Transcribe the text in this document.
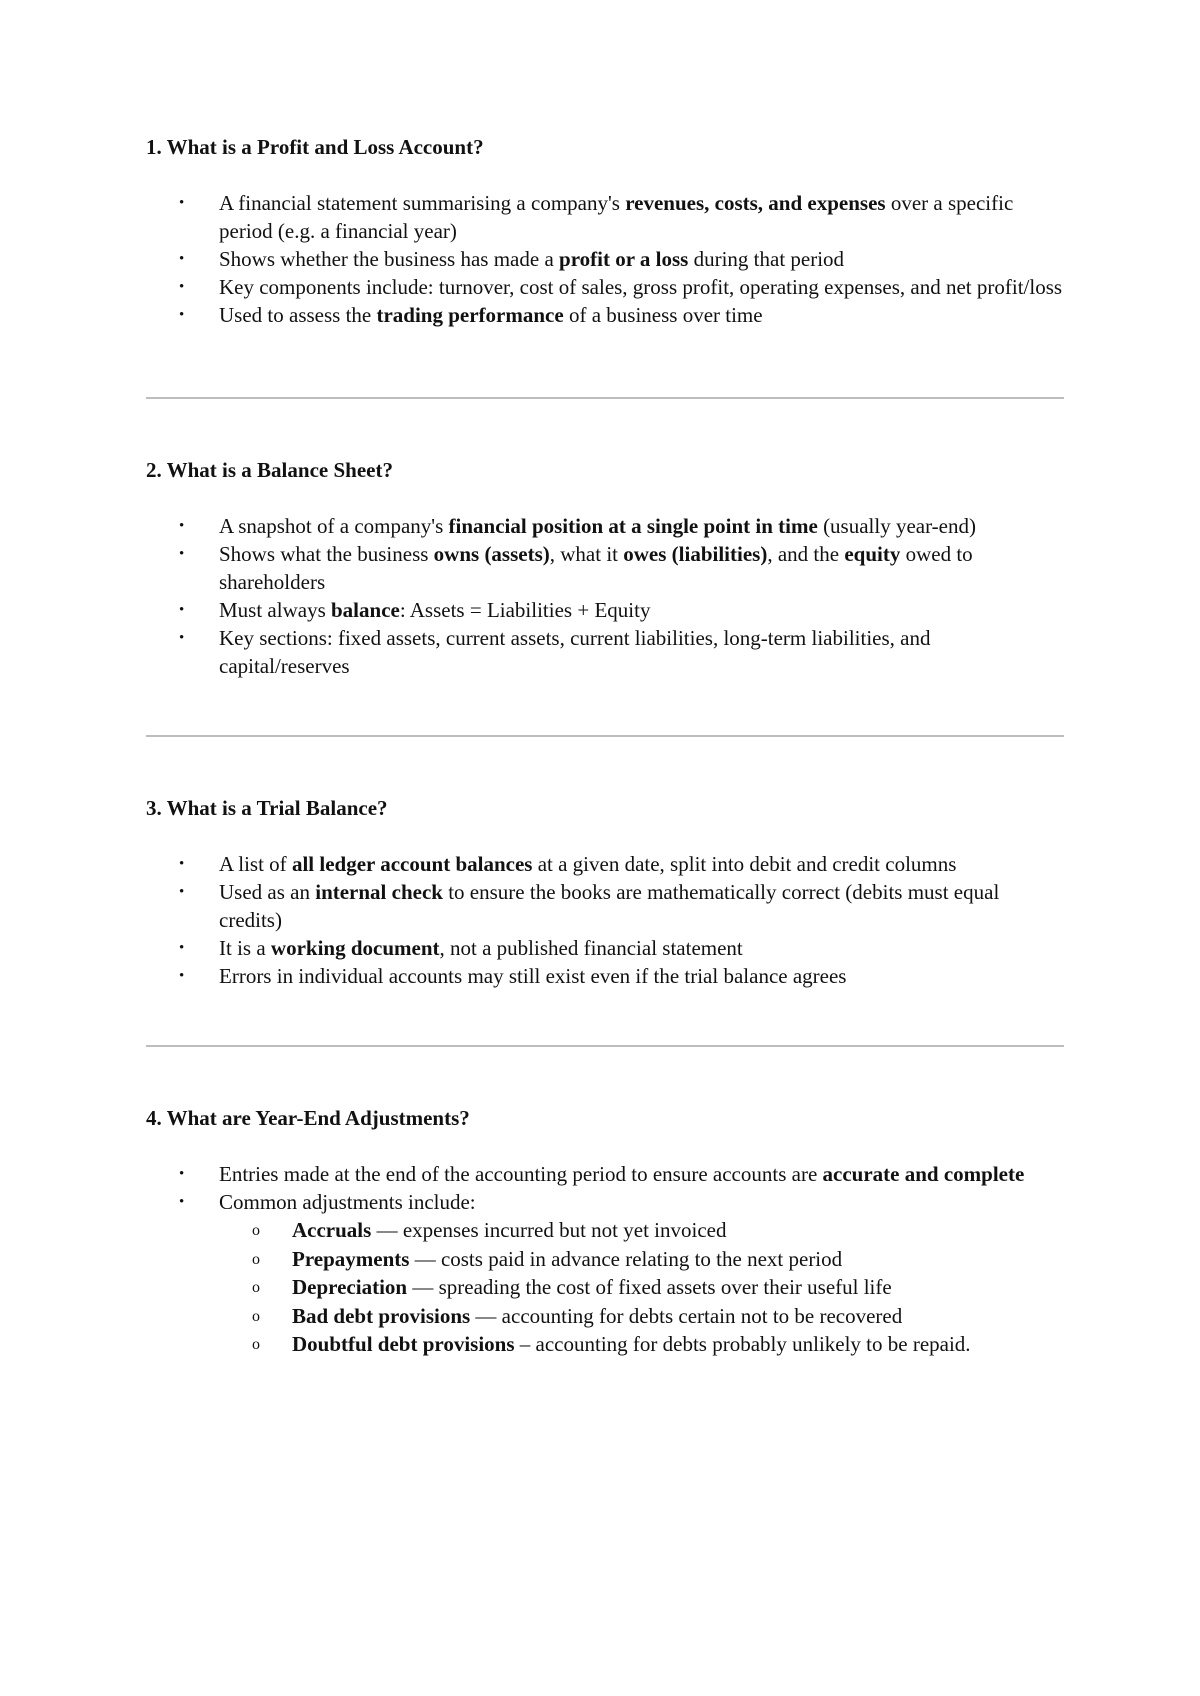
1. What is a Profit and Loss Account?
• A financial statement summarising a company's revenues, costs, and expenses over a specific period (e.g. a financial year)
• Shows whether the business has made a profit or a loss during that period
• Key components include: turnover, cost of sales, gross profit, operating expenses, and net profit/loss
• Used to assess the trading performance of a business over time
2. What is a Balance Sheet?
• A snapshot of a company's financial position at a single point in time (usually year-end)
• Shows what the business owns (assets), what it owes (liabilities), and the equity owed to shareholders
• Must always balance: Assets = Liabilities + Equity
• Key sections: fixed assets, current assets, current liabilities, long-term liabilities, and capital/reserves
3. What is a Trial Balance?
• A list of all ledger account balances at a given date, split into debit and credit columns
• Used as an internal check to ensure the books are mathematically correct (debits must equal credits)
• It is a working document, not a published financial statement
• Errors in individual accounts may still exist even if the trial balance agrees
4. What are Year-End Adjustments?
• Entries made at the end of the accounting period to ensure accounts are accurate and complete
• Common adjustments include:
o Accruals — expenses incurred but not yet invoiced
o Prepayments — costs paid in advance relating to the next period
o Depreciation — spreading the cost of fixed assets over their useful life
o Bad debt provisions — accounting for debts certain not to be recovered
o Doubtful debt provisions – accounting for debts probably unlikely to be repaid.
